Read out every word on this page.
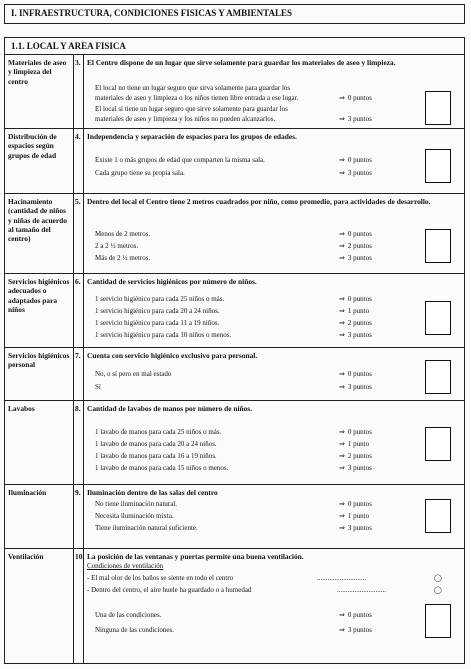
I. INFRAESTRUCTURA, CONDICIONES FISICAS Y AMBIENTALES
1.1. LOCAL Y AREA FISICA
Materiales de aseo y limpieza del centro
3. El Centro dispone de un lugar que sirve solamente para guardar los materiales de aseo y limpieza.
El local no tiene un lugar seguro que sirva solamente para guardar los
materiales de aseo y limpieza o los niños tienen libre entrada a ese lugar.	⇒ 0 puntos
El local sí tiene un lugar seguro que sirve solamente para guardar los
materiales de aseo y limpieza y los niños no pueden alcanzarlos.	⇒ 3 puntos
Distribución de espacios según grupos de edad
4. Independencia y separación de espacios para los grupos de edades.
Existe 1 o más grupos de edad que comparten la misma sala.	⇒ 0 puntos
Cada grupo tiene su propia sala.	⇒ 3 puntos
Hacinamiento (cantidad de niños y niñas de acuerdo al tamaño del centro)
5. Dentro del local el Centro tiene 2 metros cuadrados por niño, como promedio, para actividades de desarrollo.
Menos de 2 metros.	⇒ 0 puntos
2 a 2 ½ metros.	⇒ 2 puntos
Más de 2 ½ metros.	⇒ 3 puntos
Servicios higiénicos adecuados o adaptados para niños
6. Cantidad de servicios higiénicos por número de niños.
1 servicio higiénico para cada 25 niños o más.	⇒ 0 puntos
1 servicio higiénico para cada 20 a 24 niños.	⇒ 1 punto
1 servicio higiénico para cada 11 a 19 niños.	⇒ 2 puntos
1 servicio higiénico para cada 10 niños o menos.	⇒ 3 puntos
Servicios higiénicos personal
7. Cuenta con servicio higiénico exclusivo para personal.
No, o sí pero en mal estado	⇒ 0 puntos
Sí	⇒ 3 puntos
Lavabos	8. Cantidad de lavabos de manos por número de niños.
1 lavabo de manos para cada 25 niños o más.	⇒ 0 puntos
1 lavabo de manos para cada 20 a 24 niños.	⇒ 1 punto
1 lavabo de manos para cada 16 a 19 niños.	⇒ 2 puntos
1 lavabo de manos para cada 15 niños o menos.	⇒ 3 puntos
Iluminación	9. Iluminación dentro de las salas del centro
No tiene iluminación natural.	⇒ 0 puntos
Necesita iluminación mixta.	⇒ 1 punto
Tiene iluminación natural suficiente.	⇒ 3 puntos
Ventilación	10. La posición de las ventanas y puertas permite una buena ventilación.
Condiciones de ventilación
- El mal olor de los baños se siente en todo el centro	............................	◯
- Dentro del centro, el aire huele ha guardado o a humedad	............................	◯
Una de las condiciones.	⇒ 0 puntos
Ninguna de las condiciones.	⇒ 3 puntos
